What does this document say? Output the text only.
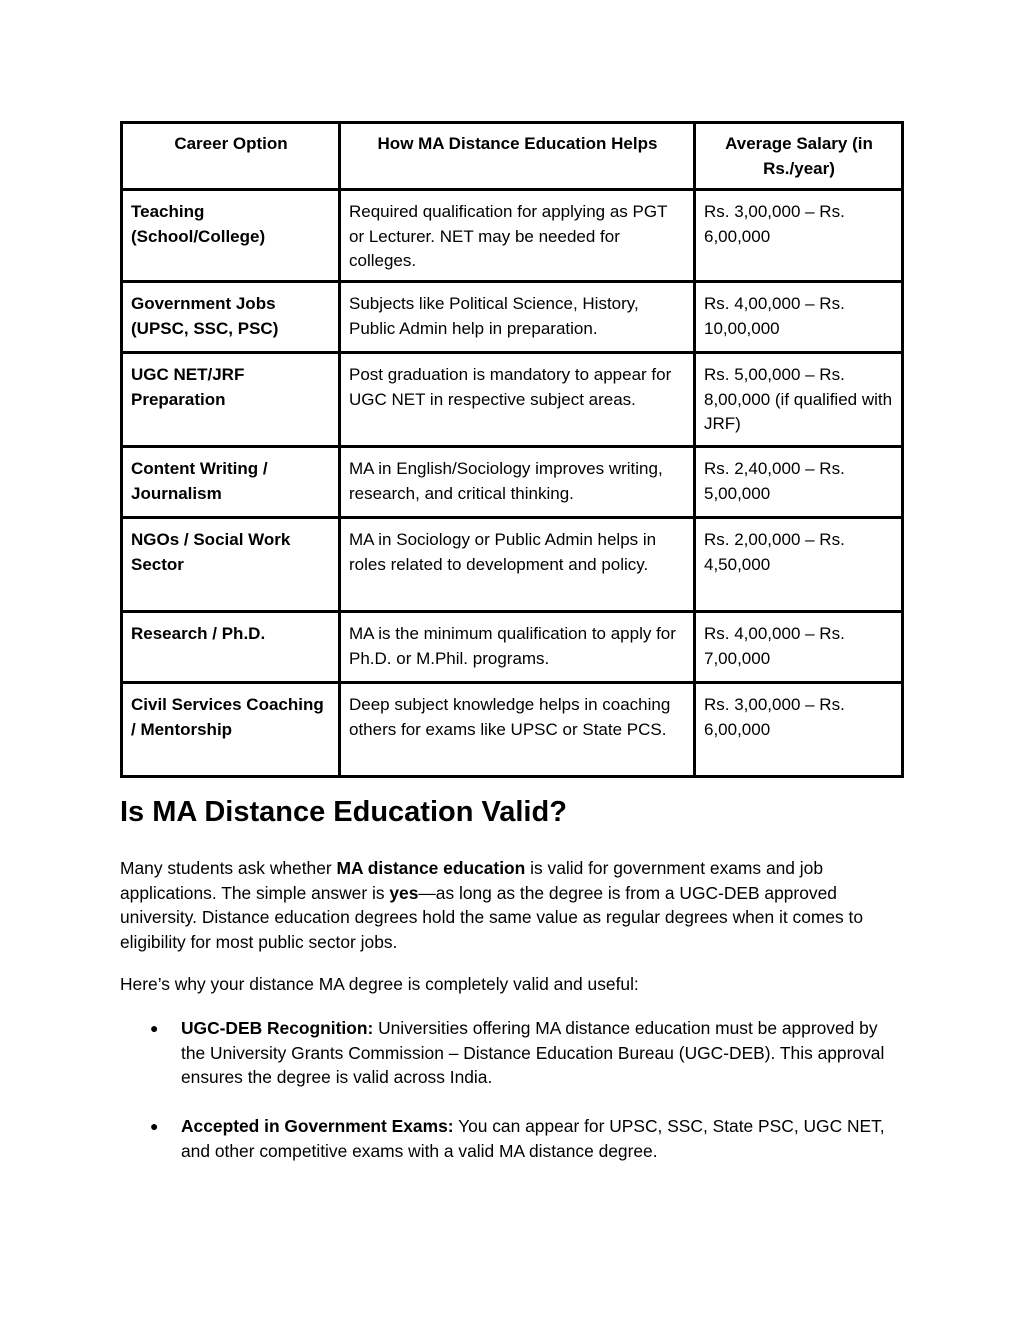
Career Option	How MA Distance Education Helps	Average Salary (in Rs./year)
Teaching (School/College)	Required qualification for applying as PGT or Lecturer. NET may be needed for colleges.	Rs. 3,00,000 – Rs. 6,00,000
Government Jobs (UPSC, SSC, PSC)	Subjects like Political Science, History, Public Admin help in preparation.	Rs. 4,00,000 – Rs. 10,00,000
UGC NET/JRF Preparation	Post graduation is mandatory to appear for UGC NET in respective subject areas.	Rs. 5,00,000 – Rs. 8,00,000 (if qualified with JRF)
Content Writing / Journalism	MA in English/Sociology improves writing, research, and critical thinking.	Rs. 2,40,000 – Rs. 5,00,000
NGOs / Social Work Sector	MA in Sociology or Public Admin helps in roles related to development and policy.	Rs. 2,00,000 – Rs. 4,50,000
Research / Ph.D.	MA is the minimum qualification to apply for Ph.D. or M.Phil. programs.	Rs. 4,00,000 – Rs. 7,00,000
Civil Services Coaching / Mentorship	Deep subject knowledge helps in coaching others for exams like UPSC or State PCS.	Rs. 3,00,000 – Rs. 6,00,000
Is MA Distance Education Valid?

Many students ask whether MA distance education is valid for government exams and job applications. The simple answer is yes—as long as the degree is from a UGC-DEB approved university. Distance education degrees hold the same value as regular degrees when it comes to eligibility for most public sector jobs.

Here’s why your distance MA degree is completely valid and useful:

● UGC-DEB Recognition: Universities offering MA distance education must be approved by the University Grants Commission – Distance Education Bureau (UGC-DEB). This approval ensures the degree is valid across India.
● Accepted in Government Exams: You can appear for UPSC, SSC, State PSC, UGC NET, and other competitive exams with a valid MA distance degree.
